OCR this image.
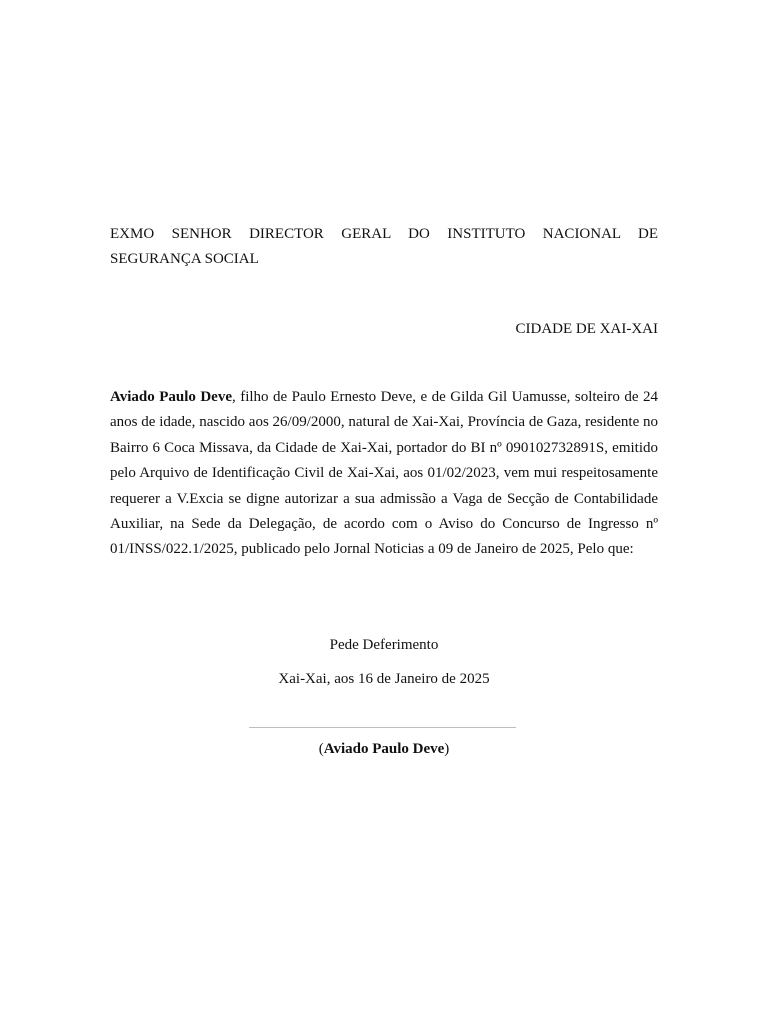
EXMO SENHOR DIRECTOR GERAL DO INSTITUTO NACIONAL DE
SEGURANÇA SOCIAL
CIDADE DE XAI-XAI

Aviado Paulo Deve, filho de Paulo Ernesto Deve, e de Gilda Gil Uamusse, solteiro de 24 anos de idade, nascido aos 26/09/2000, natural de Xai-Xai, Província de Gaza, residente no Bairro 6 Coca Missava, da Cidade de Xai-Xai, portador do BI nº 090102732891S, emitido pelo Arquivo de Identificação Civil de Xai-Xai, aos 01/02/2023, vem mui respeitosamente requerer a V.Excia se digne autorizar a sua admissão a Vaga de Secção de Contabilidade Auxiliar, na Sede da Delegação, de acordo com o Aviso do Concurso de Ingresso nº 01/INSS/022.1/2025, publicado pelo Jornal Noticias a 09 de Janeiro de 2025, Pelo que:

Pede Deferimento
Xai-Xai, aos 16 de Janeiro de 2025
(Aviado Paulo Deve)
